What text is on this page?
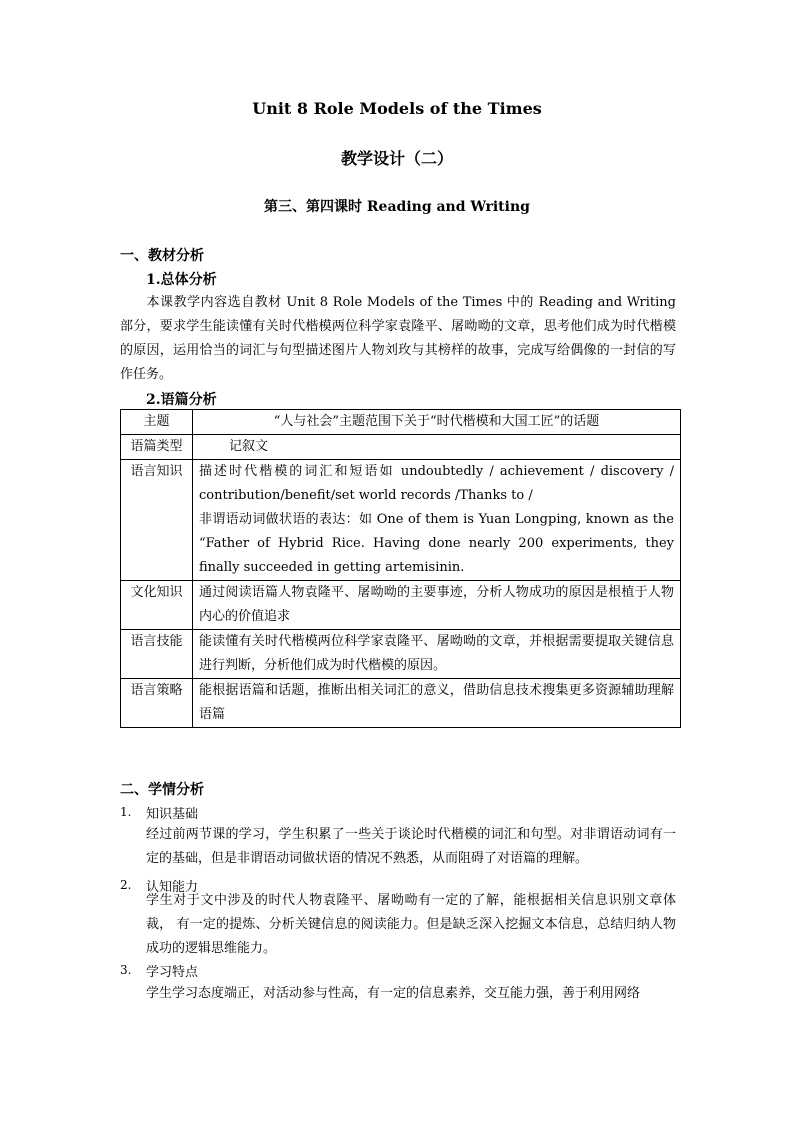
Unit 8 Role Models of the Times
教学设计（二）
第三、第四课时 Reading and Writing
一、教材分析
1.总体分析
本课教学内容选自教材 Unit 8 Role Models of the Times 中的 Reading and Writing 部分，要求学生能读懂有关时代楷模两位科学家袁隆平、屠呦呦的文章，思考他们成为时代楷模的原因，运用恰当的词汇与句型描述图片人物刘玫与其榜样的故事，完成写给偶像的一封信的写作任务。
2.语篇分析
主题	“人与社会”主题范围下关于“时代楷模和大国工匠”的话题

语篇类型	记叙文

语言知识	描述时代楷模的词汇和短语如 undoubtedly / achievement / discovery / contribution/benefit/set world records /Thanks to /
非谓语动词做状语的表达：如 One of them is Yuan Longping, known as the “Father of Hybrid Rice. Having done nearly 200 experiments, they finally succeeded in getting artemisinin.

文化知识	通过阅读语篇人物袁隆平、屠呦呦的主要事迹，分析人物成功的原因是根植于人物内心的价值追求
语言技能	能读懂有关时代楷模两位科学家袁隆平、屠呦呦的文章，并根据需要提取关键信息进行判断，分析他们成为时代楷模的原因。
语言策略	能根据语篇和话题，推断出相关词汇的意义，借助信息技术搜集更多资源辅助理解语篇
二、学情分析
1. 知识基础
经过前两节课的学习，学生积累了一些关于谈论时代楷模的词汇和句型。对非谓语动词有一定的基础，但是非谓语动词做状语的情况不熟悉，从而阻碍了对语篇的理解。
2. 认知能力
学生对于文中涉及的时代人物袁隆平、屠呦呦有一定的了解，能根据相关信息识别文章体裁， 有一定的提炼、分析关键信息的阅读能力。但是缺乏深入挖掘文本信息，总结归纳人物成功的逻辑思维能力。
3. 学习特点
学生学习态度端正，对活动参与性高，有一定的信息素养，交互能力强，善于利用网络
